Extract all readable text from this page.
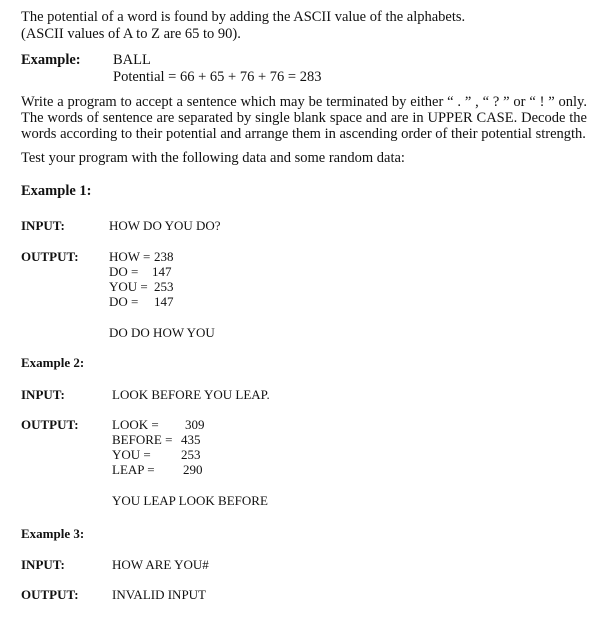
The potential of a word is found by adding the ASCII value of the alphabets.
(ASCII values of A to Z are 65 to 90).
Example: BALL
Potential = 66 + 65 + 76 + 76 = 283
Write a program to accept a sentence which may be terminated by either “ . ” , “ ? ” or “ ! ” only. The words of sentence are separated by single blank space and are in UPPER CASE. Decode the words according to their potential and arrange them in ascending order of their potential strength.
Test your program with the following data and some random data:
Example 1:
INPUT:	HOW DO YOU DO?
OUTPUT: HOW = 238
DO = 147
YOU = 253
DO = 147
DO DO HOW YOU
Example 2:
INPUT:	LOOK BEFORE YOU LEAP.
OUTPUT:	LOOK = 309
BEFORE = 435
YOU = 253
LEAP = 290
YOU LEAP LOOK BEFORE
Example 3:
INPUT:	HOW ARE YOU#
OUTPUT:	INVALID INPUT
